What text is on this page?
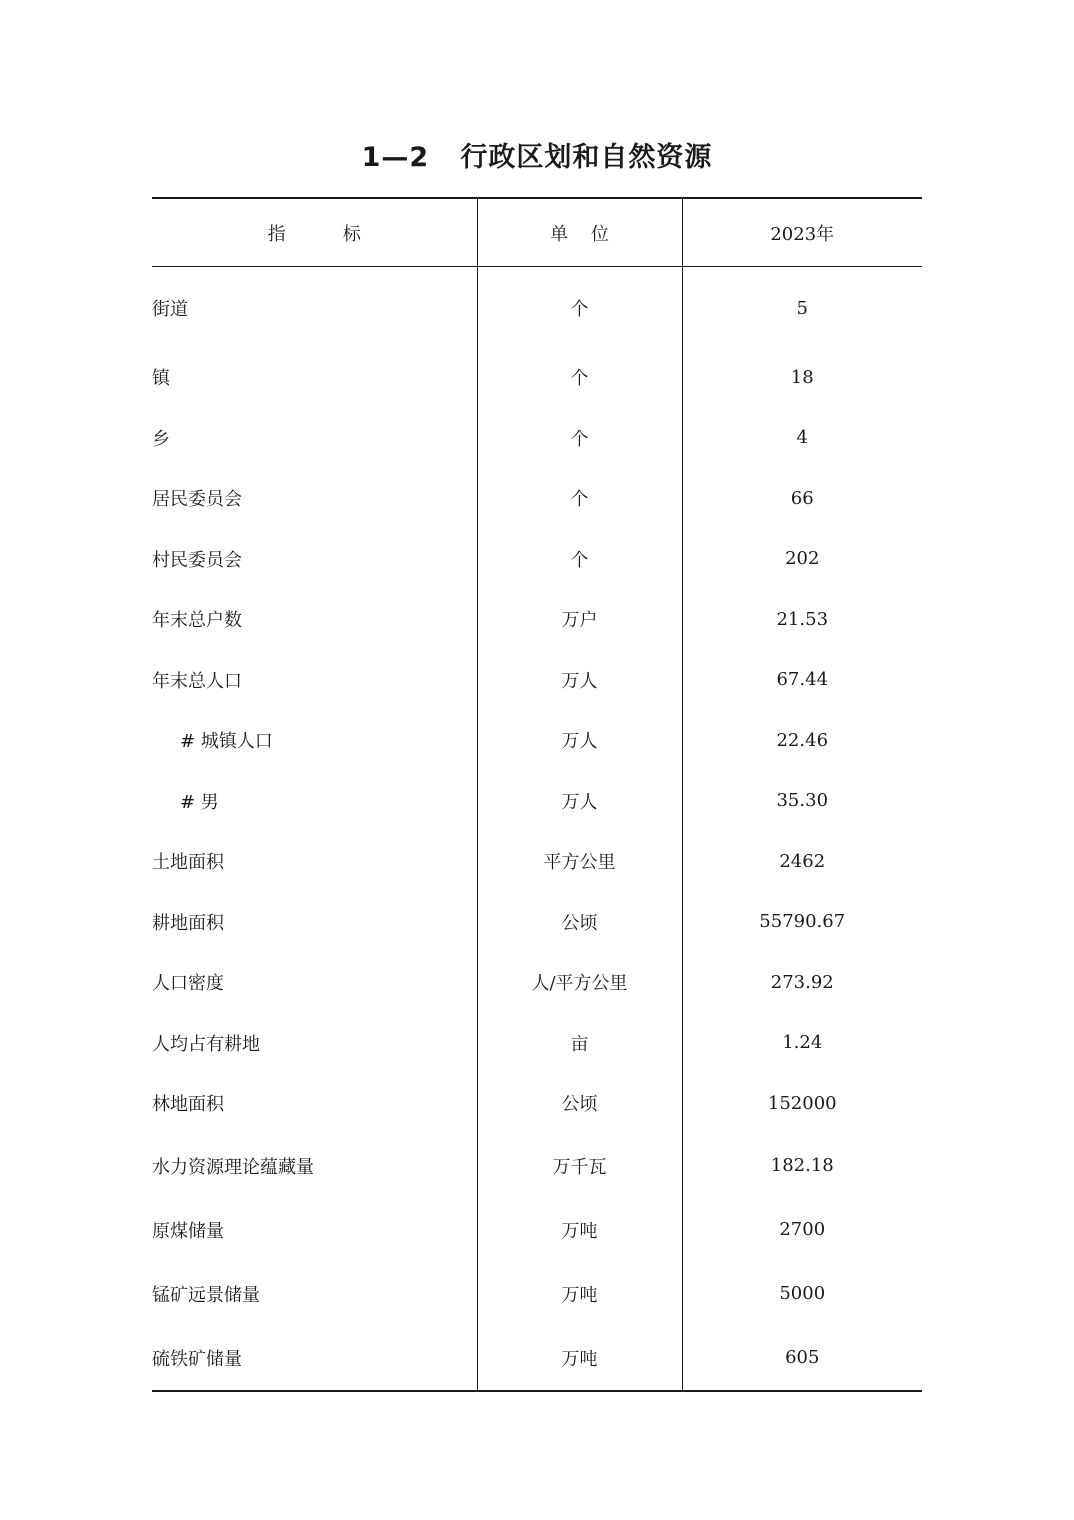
1—2   行政区划和自然资源
指          标	单    位	2023年
街道	个	5
镇	个	18
乡	个	4
居民委员会	个	66
村民委员会	个	202
年末总户数	万户	21.53
年末总人口	万人	67.44
# 城镇人口	万人	22.46
# 男	万人	35.30
土地面积	平方公里	2462
耕地面积	公顷	55790.67
人口密度	人/平方公里	273.92
人均占有耕地	亩	1.24
林地面积	公顷	152000
水力资源理论蕴藏量	万千瓦	182.18
原煤储量	万吨	2700
锰矿远景储量	万吨	5000
硫铁矿储量	万吨	605
